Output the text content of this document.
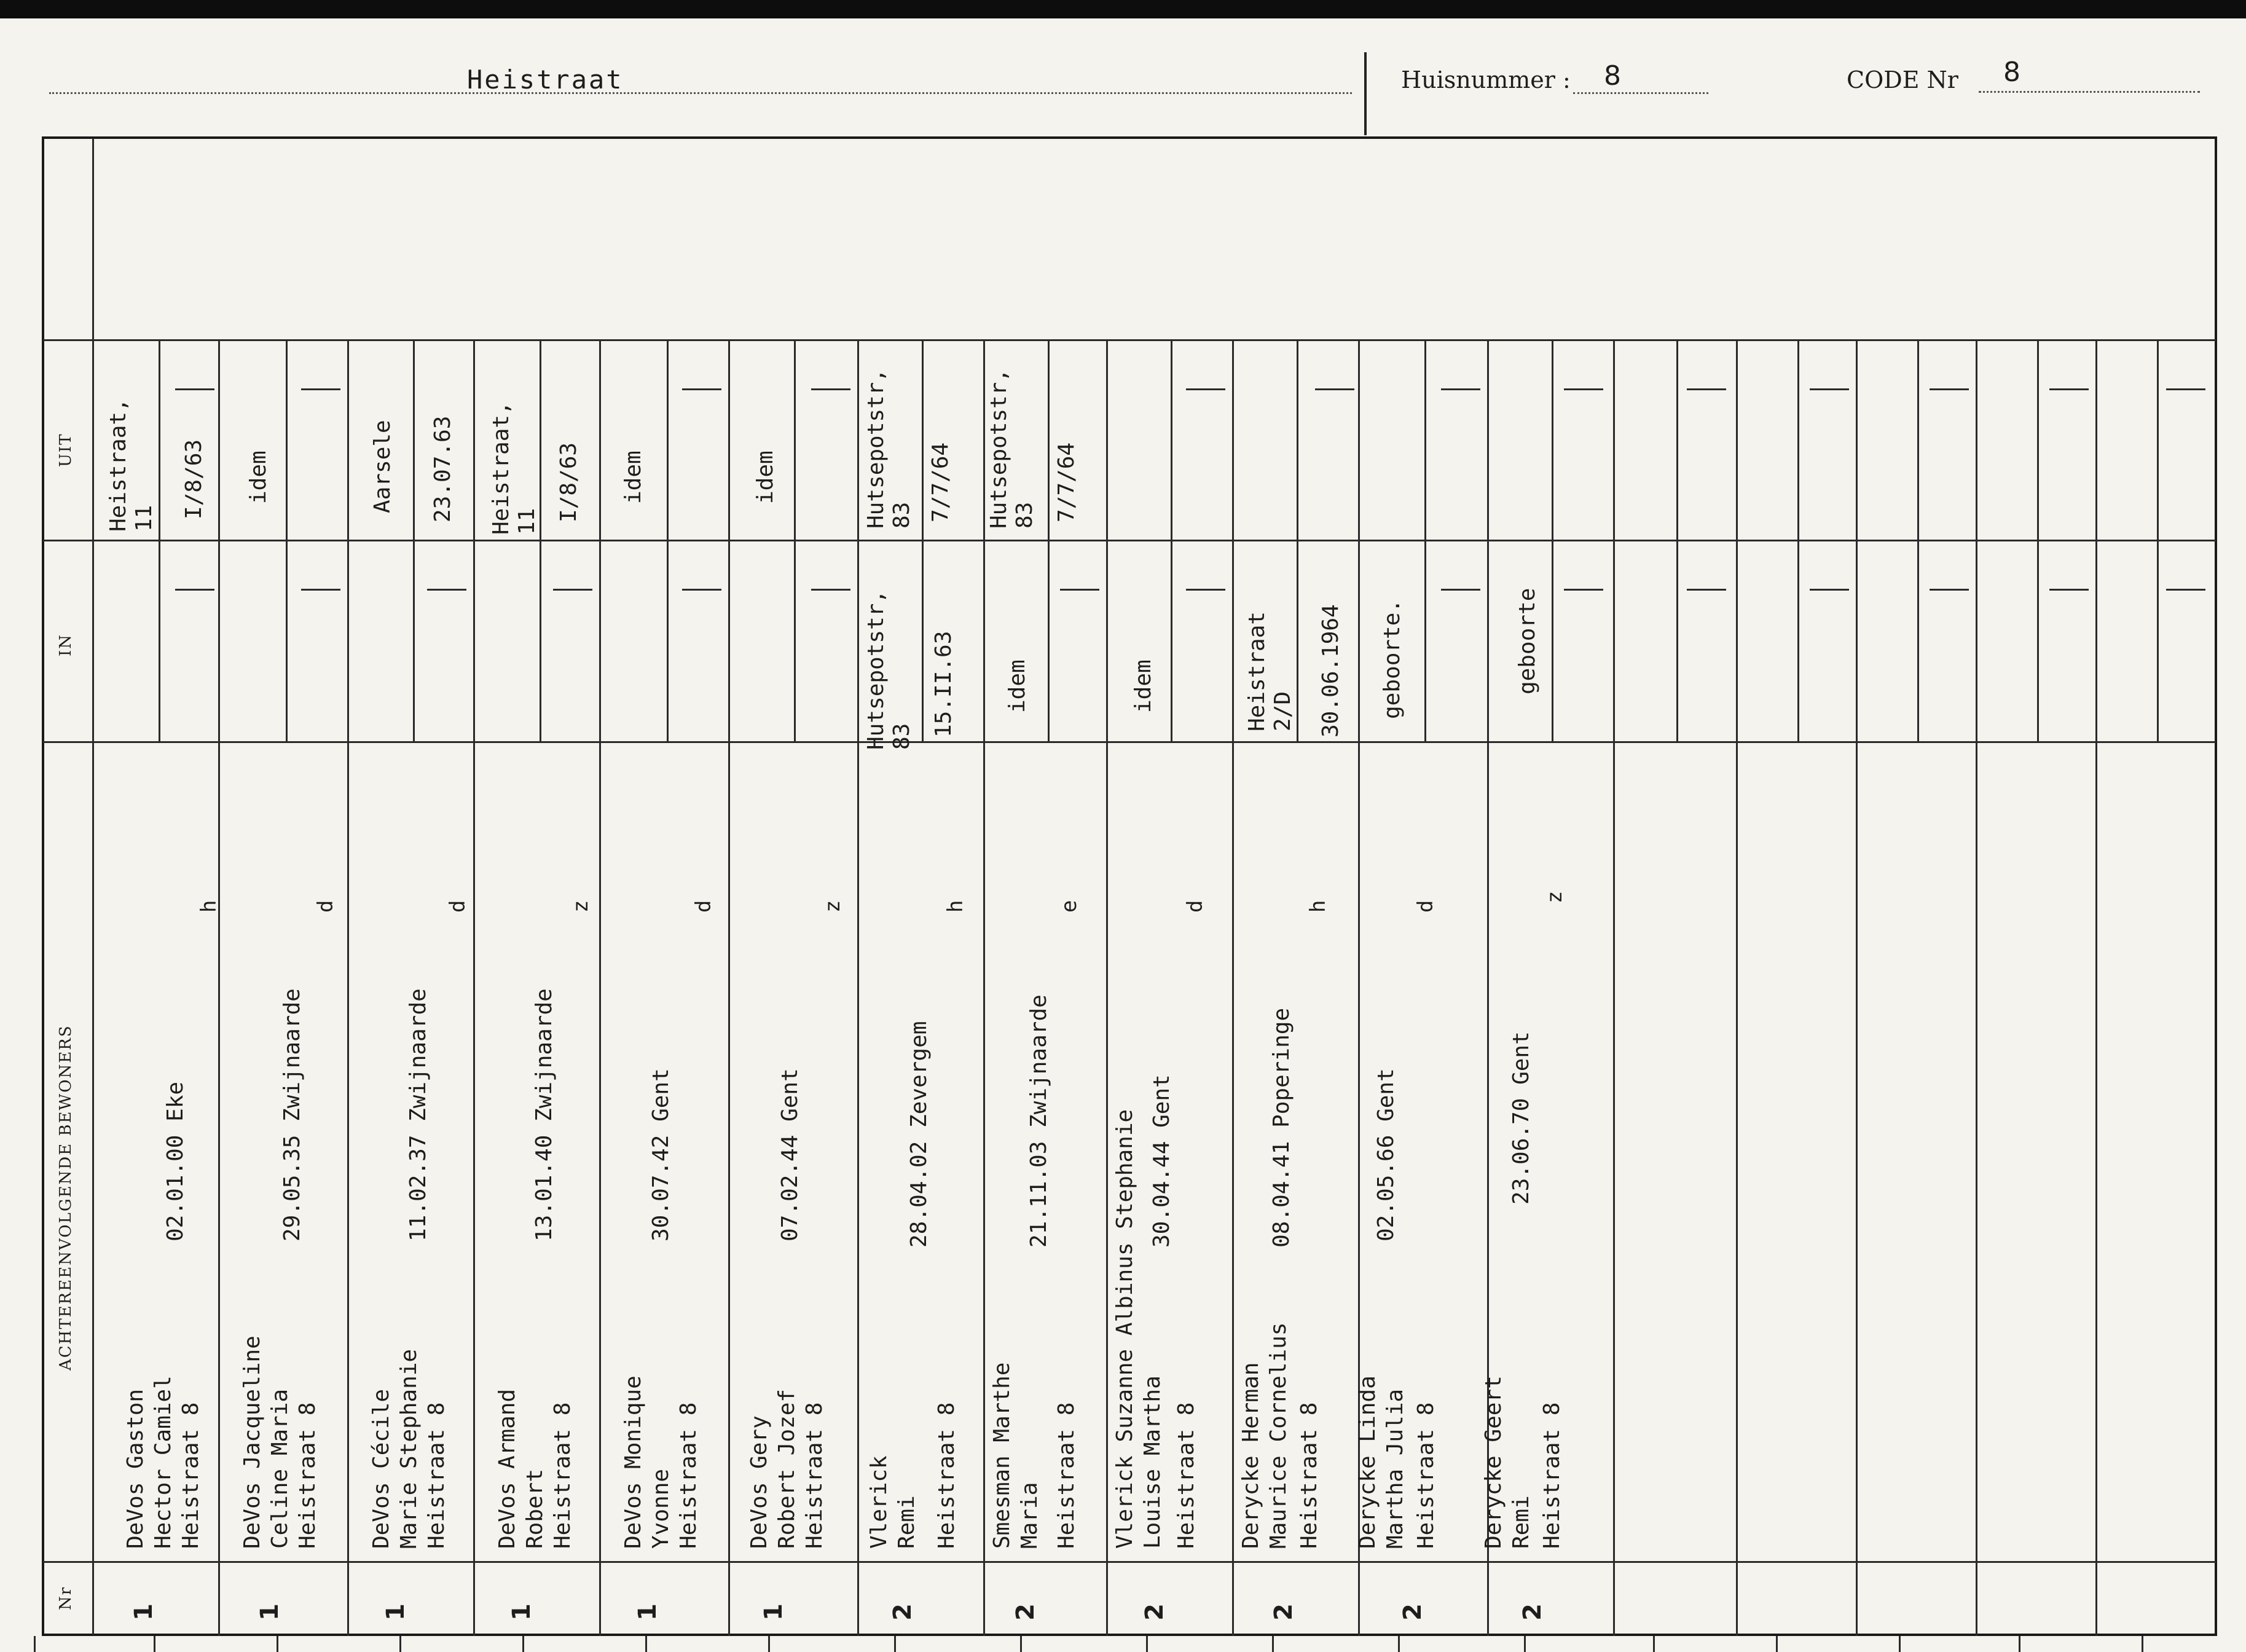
Heistraat	Huisnummer : 8	CODE Nr 8
UIT
IN
ACHTEREENVOLGENDE BEWONERS
Nr
1
DeVos Gaston Hector Camiel Heistraat 8
02.01.00 Eke
h
Heistraat,
11 I/8/63
1
DeVos Jacqueline Celine Maria Heistraat 8
29.05.35 Zwijnaarde
d
idem
1
DeVos Cécile Marie Stephanie Heistraat 8
11.02.37 Zwijnaarde
d
Aarsele 23.07.63
1
DeVos Armand Robert Heistraat 8
13.01.40 Zwijnaarde
z
Heistraat,
11 I/8/63
1
DeVos Monique Yvonne Heistraat 8
30.07.42 Gent
d
idem
1
DeVos Gery Robert Jozef Heistraat 8
07.02.44 Gent
z
idem
2
Vlerick Remi Heistraat 8
28.04.02 Zevergem
h
Hutsepotstr,
83 15.II.63
Hutsepotstr,
83 7/7/64
2
Smesman Marthe Maria Heistraat 8
21.11.03 Zwijnaarde
e
idem
Hutsepotstr,
83 7/7/64
2
Vlerick Suzanne Albinus Stephanie Louise Martha Heistraat 8
30.04.44 Gent
d
idem
2
Derycke Herman Maurice Cornelius Heistraat 8
08.04.41 Poperinge
h
Heistraat
2/D 30.06.1964
2
Derycke Linda Martha Julia Heistraat 8
02.05.66 Gent
d
geboorte.
2
Derycke Geert Remi Heistraat 8
23.06.70 Gent
z
geboorte
